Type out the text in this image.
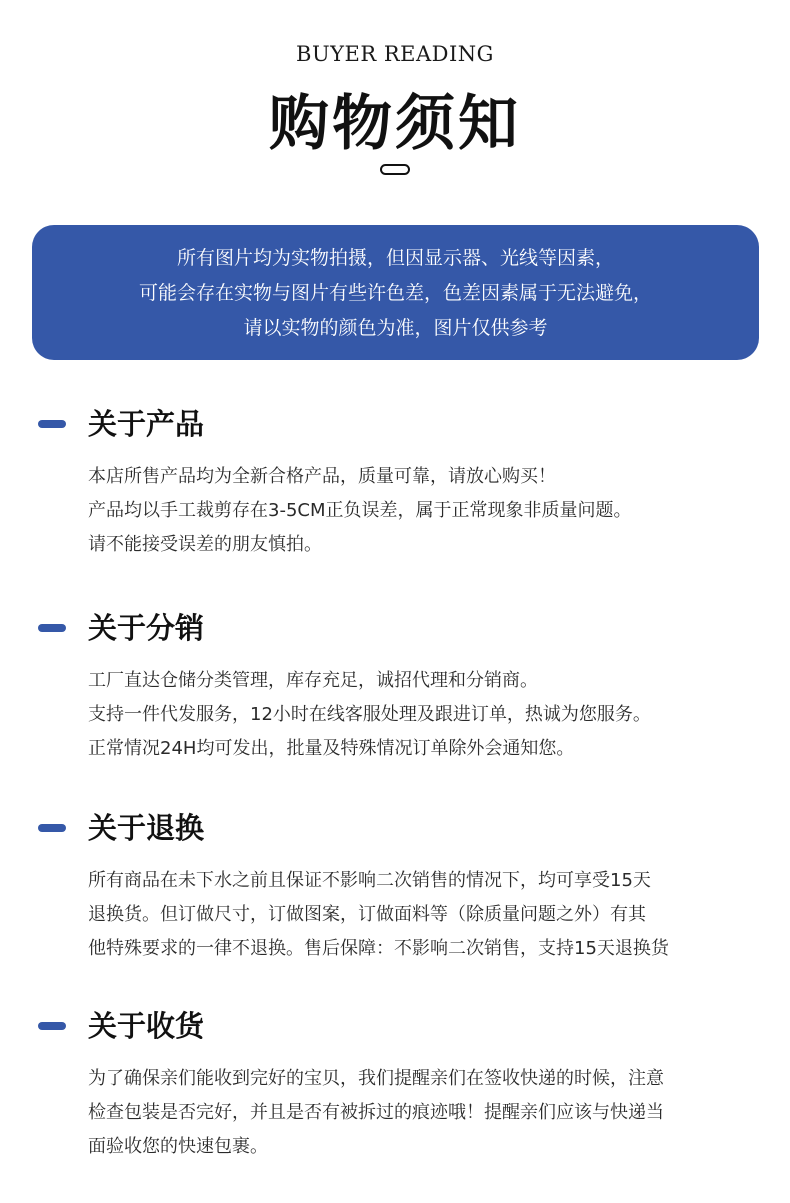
BUYER READING
购物须知
所有图片均为实物拍摄，但因显示器、光线等因素，
可能会存在实物与图片有些许色差，色差因素属于无法避免，
请以实物的颜色为准，图片仅供参考
关于产品
本店所售产品均为全新合格产品，质量可靠，请放心购买！
产品均以手工裁剪存在3-5CM正负误差，属于正常现象非质量问题。
请不能接受误差的朋友慎拍。
关于分销
工厂直达仓储分类管理，库存充足，诚招代理和分销商。
支持一件代发服务，12小时在线客服处理及跟进订单，热诚为您服务。
正常情况24H均可发出，批量及特殊情况订单除外会通知您。
关于退换
所有商品在未下水之前且保证不影响二次销售的情况下，均可享受15天
退换货。但订做尺寸，订做图案，订做面料等（除质量问题之外）有其
他特殊要求的一律不退换。售后保障：不影响二次销售，支持15天退换货
关于收货
为了确保亲们能收到完好的宝贝，我们提醒亲们在签收快递的时候，注意
检查包装是否完好，并且是否有被拆过的痕迹哦！提醒亲们应该与快递当
面验收您的快速包裹。
